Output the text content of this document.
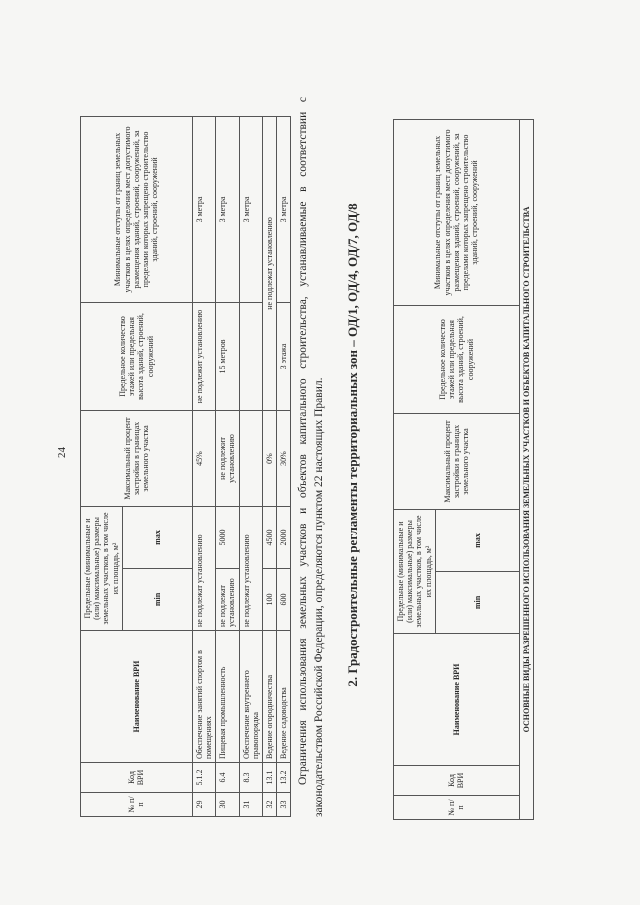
24
№ п/п	Код ВРИ	Наименование ВРИ	Предельные (минимальные и (или) максимальные) размеры земельных участков, в том числе их площадь, м²		Максимальный процент застройки в границах земельного участка	Предельное количество этажей или предельная высота зданий, строений, сооружений	Минимальные отступы от границ земельных участков в целях определения мест допустимого размещения зданий, строений, сооружений, за пределами которых запрещено строительство зданий, строений, сооружений
			min	max			
29	5.1.2	Обеспечение занятий спортом в помещениях	не подлежат установлению		45%	не подлежит установлению	3 метра
30	6.4	Пищевая промышленность	не подлежат установлению	5000	не подлежит установлению	15 метров	3 метра
31	8.3	Обеспечение внутреннего правопорядка	не подлежат установлению				3 метра
32	13.1	Ведение огородничества	100	4500	0%	не подлежат установлению	
33	13.2	Ведение садоводства	600	2000	30%	3 этажа	3 метра Ограничения использования земельных участков и объектов капитального строительства, устанавливаемые в соответствии с законодательством Российской Федерации, определяются пунктом 22 настоящих Правил. 2. Градостроительные регламенты территориальных зон – ОД/1, ОД/4, ОД/7, ОД/8
№ п/п	Код ВРИ	Наименование ВРИ	Предельные (минимальные и (или) максимальные) размеры земельных участков, в том числе их площадь, м²		Максимальный процент застройки в границах земельного участка	Предельное количество этажей или предельная высота зданий, строений, сооружений	Минимальные отступы от границ земельных участков в целях определения мест допустимого размещения зданий, строений, сооружений, за пределами которых запрещено строительство зданий, строений, сооружений
			min	max			
ОСНОВНЫЕ ВИДЫ РАЗРЕШЕННОГО ИСПОЛЬЗОВАНИЯ ЗЕМЕЛЬНЫХ УЧАСТКОВ И ОБЪЕКТОВ КАПИТАЛЬНОГО СТРОИТЕЛЬСТВА							
